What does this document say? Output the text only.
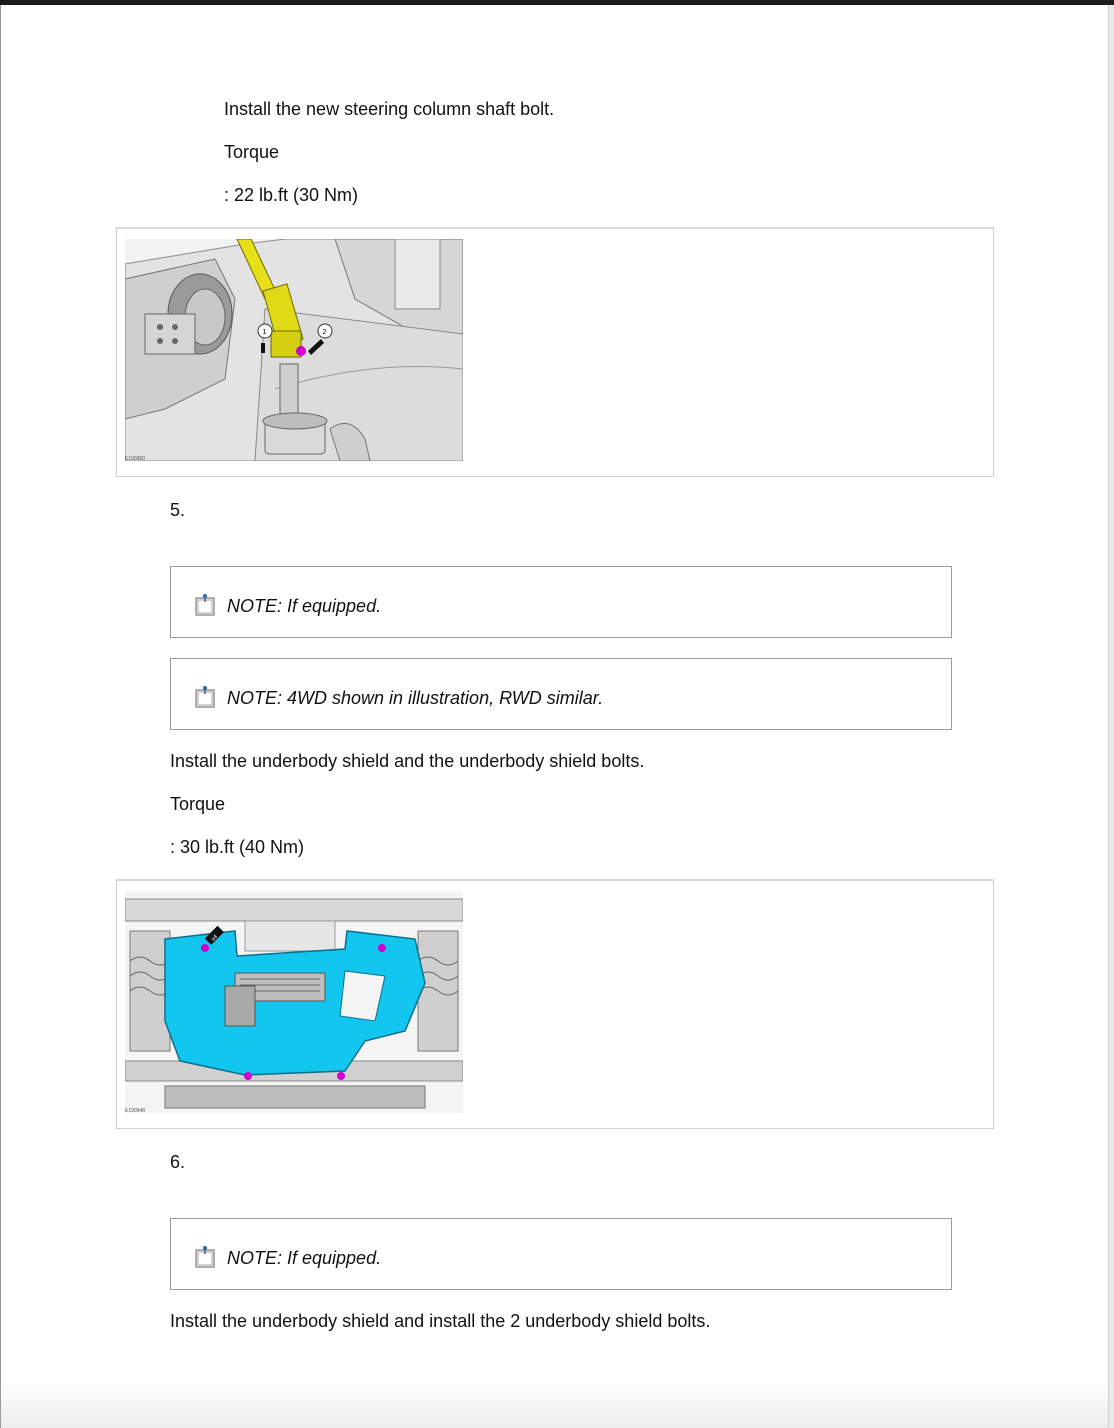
Install the new steering column shaft bolt.
Torque
: 22 lb.ft (30 Nm)
1	2
E190960
5.
NOTE: If equipped.
NOTE: 4WD shown in illustration, RWD similar.
Install the underbody shield and the underbody shield bolts.
Torque
: 30 lb.ft (40 Nm)
x4
E190948
6.
NOTE: If equipped.
Install the underbody shield and install the 2 underbody shield bolts.
